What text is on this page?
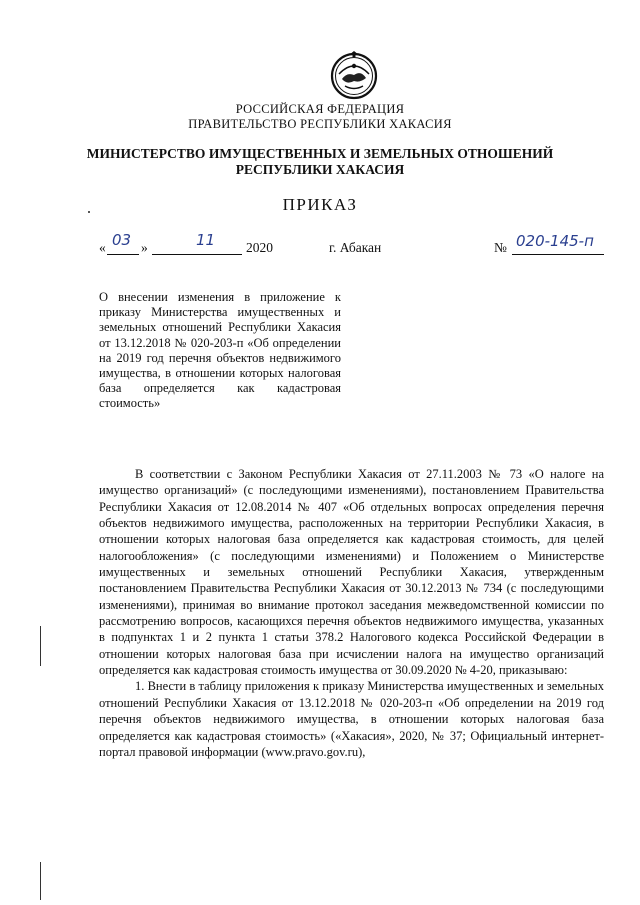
РОССИЙСКАЯ ФЕДЕРАЦИЯ
ПРАВИТЕЛЬСТВО РЕСПУБЛИКИ ХАКАСИЯ
МИНИСТЕРСТВО ИМУЩЕСТВЕННЫХ И ЗЕМЕЛЬНЫХ ОТНОШЕНИЙ
РЕСПУБЛИКИ ХАКАСИЯ
ПРИКАЗ
« 03 »	11 2020	г. Абакан	№ 020-145-п
О внесении изменения в приложение к приказу Министерства имущественных и земельных отношений Республики Хакасия от 13.12.2018 № 020-203-п «Об определении на 2019 год перечня объектов недвижимого имущества, в отношении которых налоговая база определяется как кадастровая стоимость»

В соответствии с Законом Республики Хакасия от 27.11.2003 № 73 «О налоге на имущество организаций» (с последующими изменениями), постановлением Правительства Республики Хакасия от 12.08.2014 № 407 «Об отдельных вопросах определения перечня объектов недвижимого имущества, расположенных на территории Республики Хакасия, в отношении которых налоговая база определяется как кадастровая стоимость, для целей налогообложения» (с последующими изменениями) и Положением о Министерстве имущественных и земельных отношений Республики Хакасия, утвержденным постановлением Правительства Республики Хакасия от 30.12.2013 № 734 (с последующими изменениями), принимая во внимание протокол заседания межведомственной комиссии по рассмотрению вопросов, касающихся перечня объектов недвижимого имущества, указанных в подпунктах 1 и 2 пункта 1 статьи 378.2 Налогового кодекса Российской Федерации в отношении которых налоговая база при исчислении налога на имущество организаций определяется как кадастровая стоимость имущества от 30.09.2020 № 4-20, приказываю:

1. Внести в таблицу приложения к приказу Министерства имущественных и земельных отношений Республики Хакасия от 13.12.2018 № 020-203-п «Об определении на 2019 год перечня объектов недвижимого имущества, в отношении которых налоговая база определяется как кадастровая стоимость» («Хакасия», 2020, № 37; Официальный интернет-портал правовой информации (www.pravo.gov.ru),
